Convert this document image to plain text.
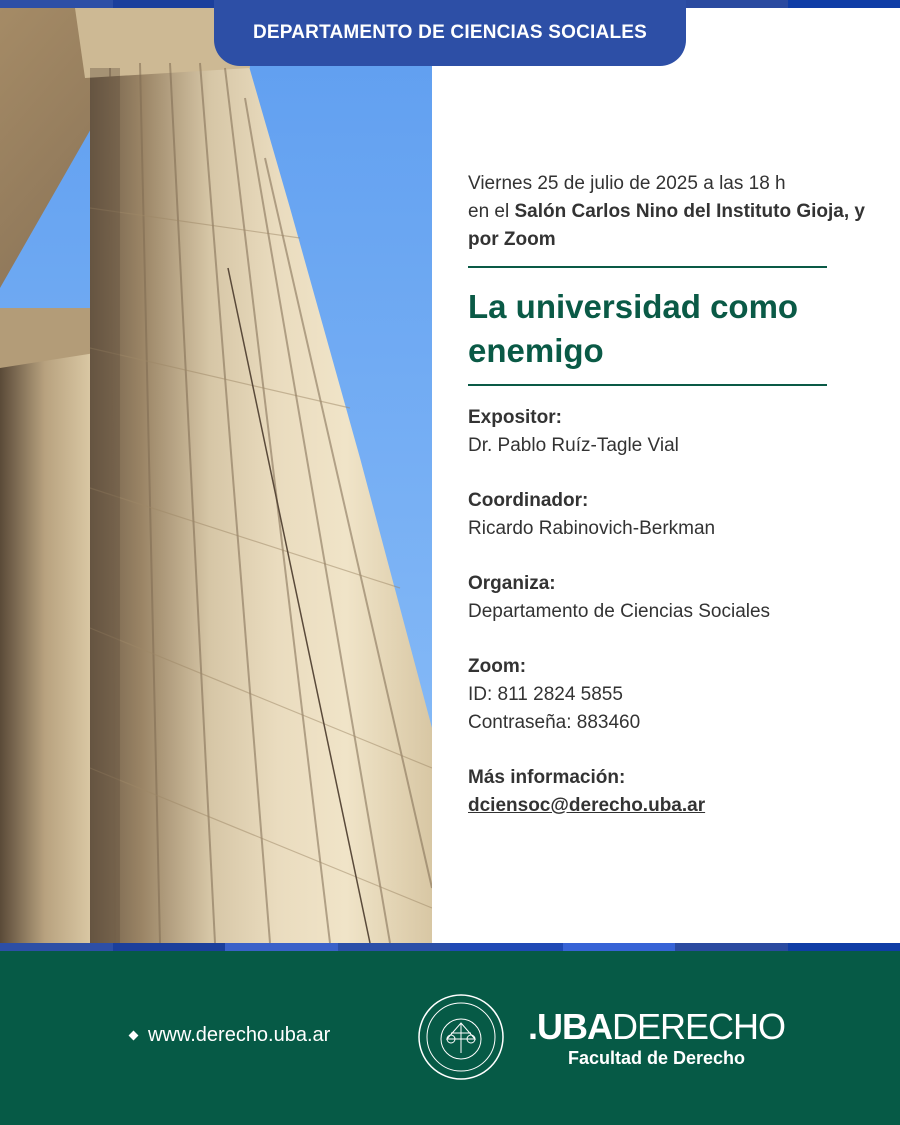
DEPARTAMENTO DE CIENCIAS SOCIALES

Viernes 25 de julio de 2025 a las 18 h
en el Salón Carlos Nino del Instituto Gioja, y por Zoom

La universidad como enemigo
Expositor:
Dr. Pablo Ruíz-Tagle Vial
Coordinador:
Ricardo Rabinovich-Berkman
Organiza:
Departamento de Ciencias Sociales
Zoom:
ID: 811 2824 5855
Contraseña: 883460
Más información:
dciensoc@derecho.uba.ar
www.derecho.uba.ar	.UBADERECHO
Facultad de Derecho
